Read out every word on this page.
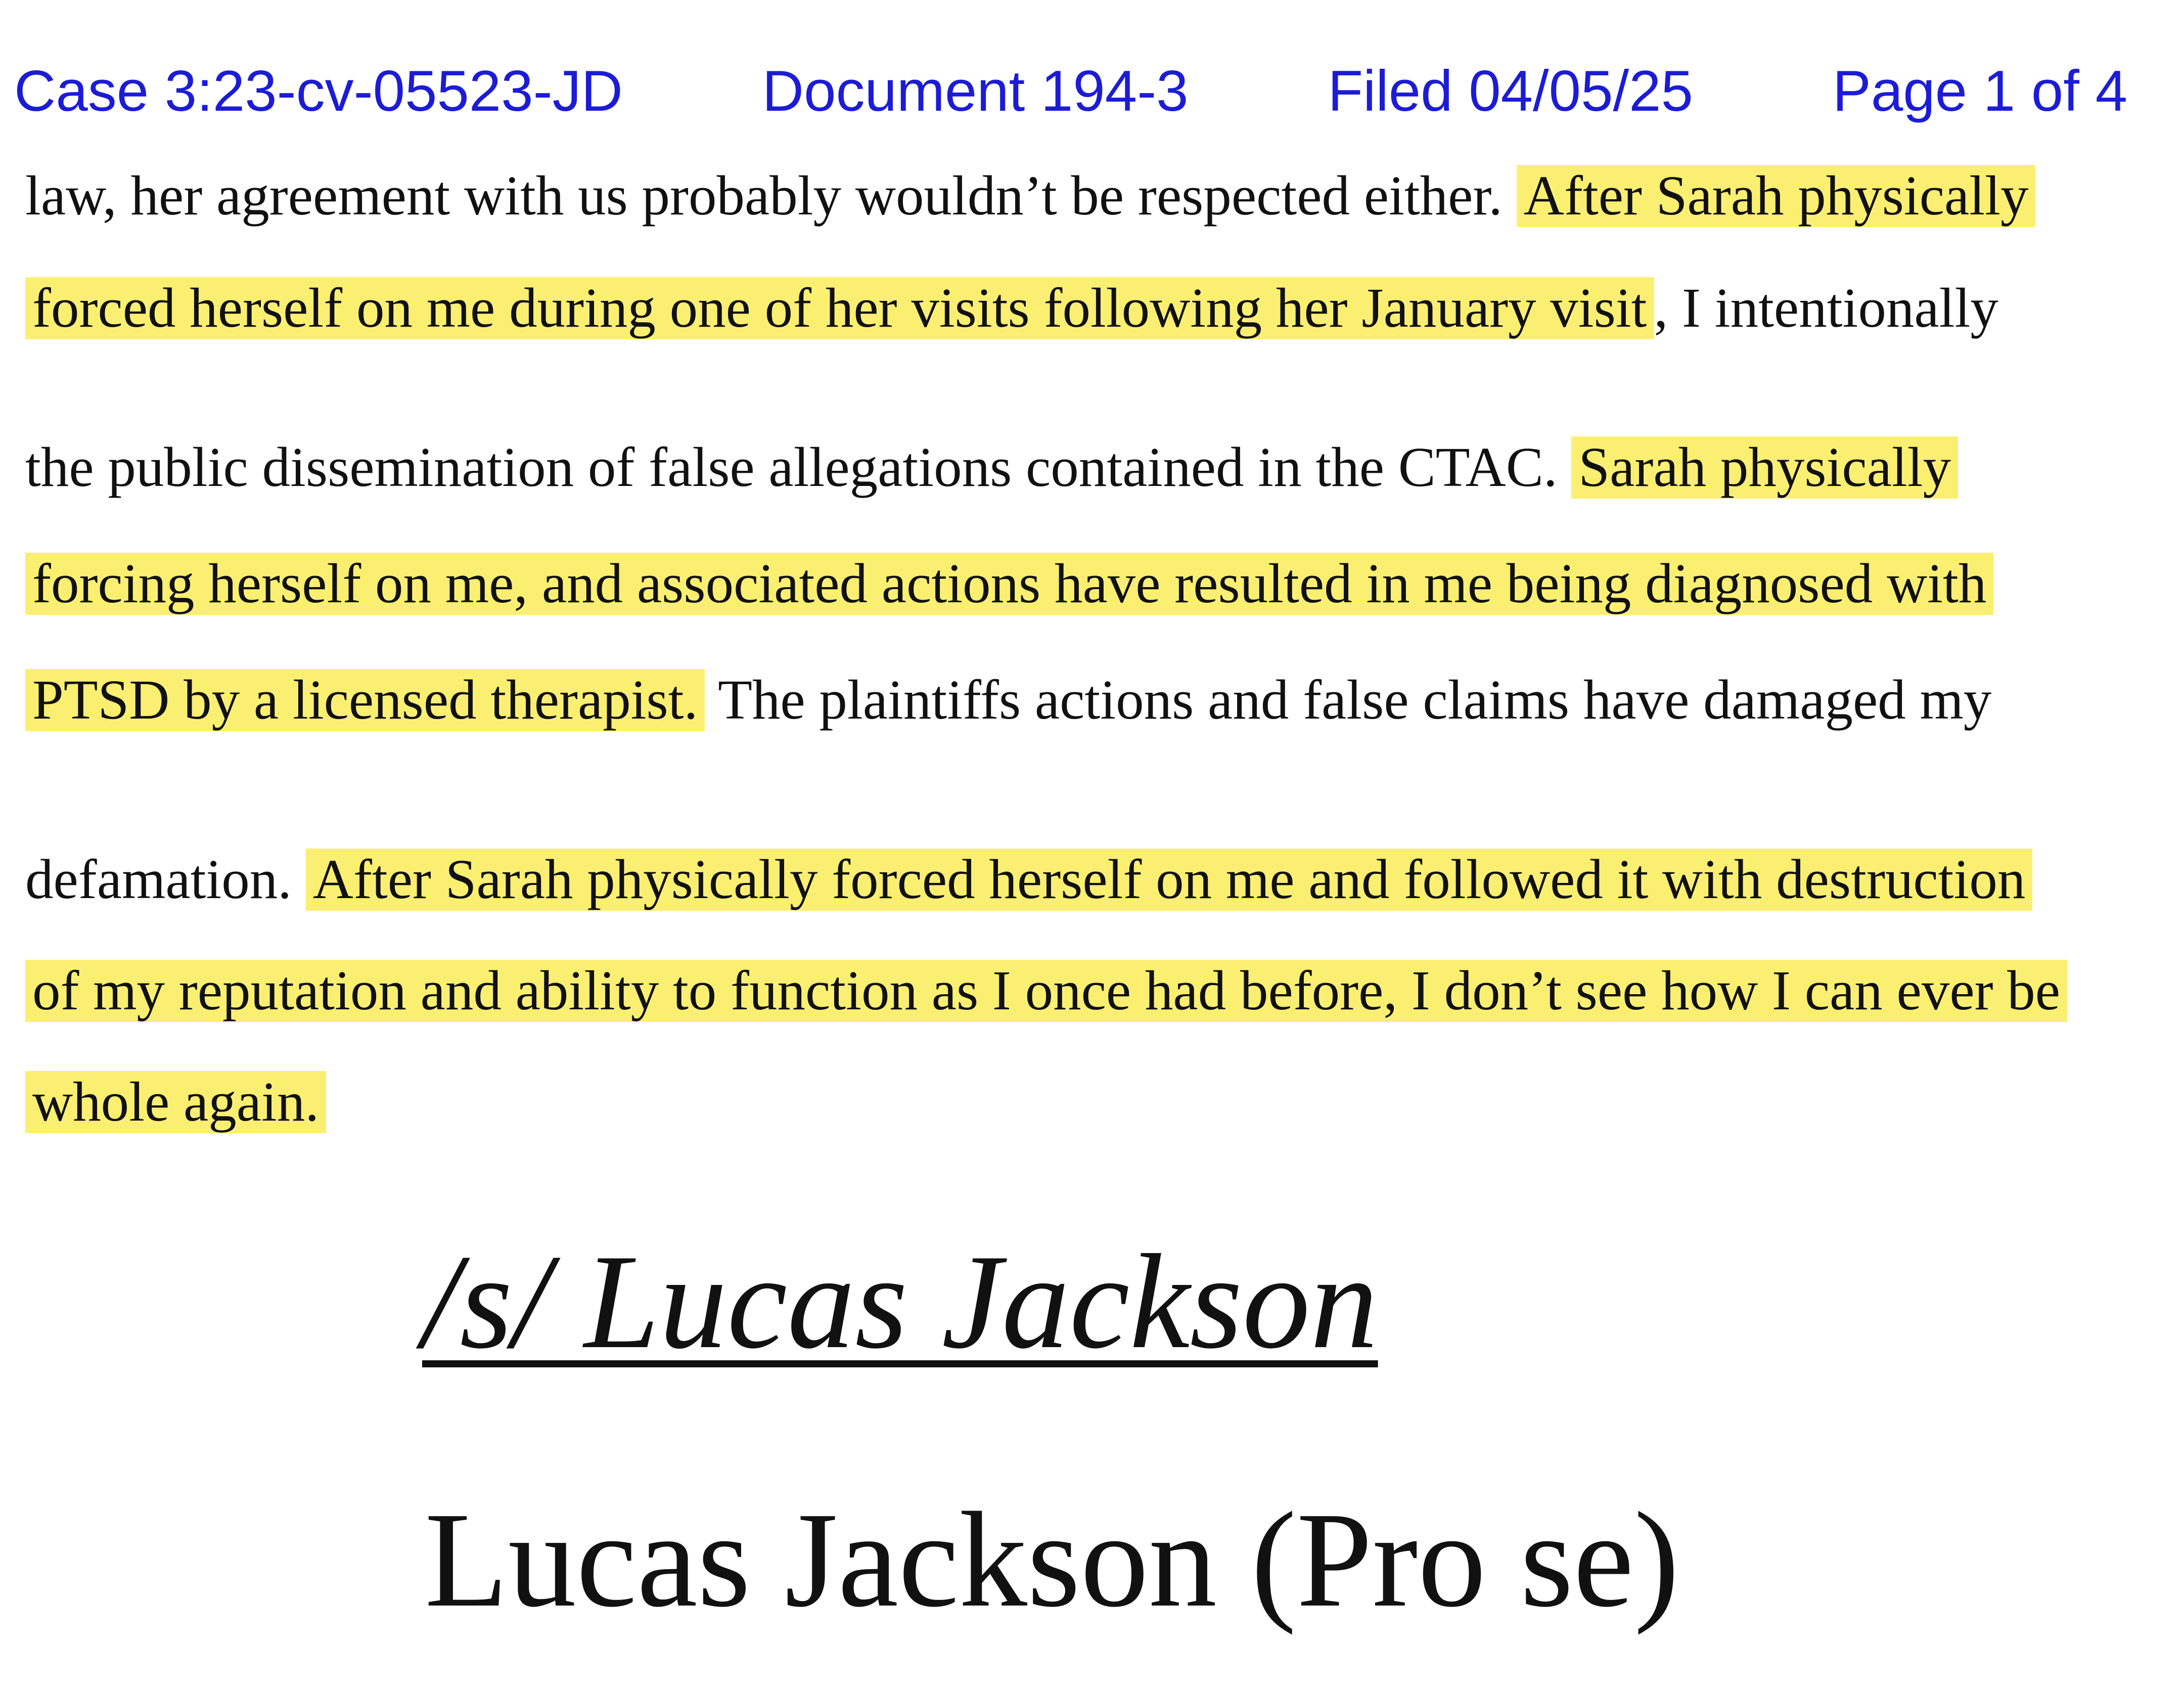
Case 3:23-cv-05523-JD Document 194-3 Filed 04/05/25 Page 1 of 4
law, her agreement with us probably wouldn’t be respected either. After Sarah physically
forced herself on me during one of her visits following her January visit , I intentionally
the public dissemination of false allegations contained in the CTAC. Sarah physically
forcing herself on me, and associated actions have resulted in me being diagnosed with
PTSD by a licensed therapist. The plaintiffs actions and false claims have damaged my
defamation. After Sarah physically forced herself on me and followed it with destruction
of my reputation and ability to function as I once had before, I don’t see how I can ever be
whole again.
/s/ Lucas Jackson
Lucas Jackson (Pro se)
